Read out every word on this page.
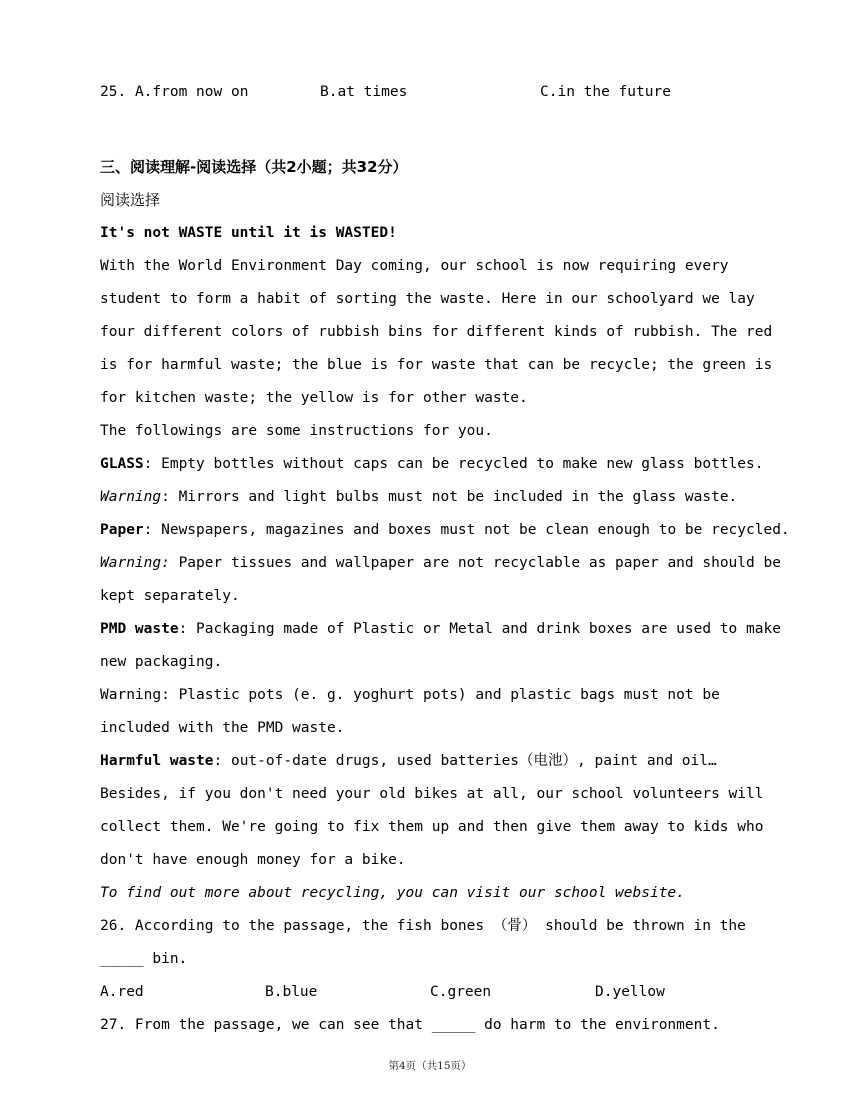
25. A.from now on	B.at times	C.in the future
三、阅读理解-阅读选择（共2小题；共32分）
阅读选择
It's not WASTE until it is WASTED!
With the World Environment Day coming, our school is now requiring every
student to form a habit of sorting the waste. Here in our schoolyard we lay
four different colors of rubbish bins for different kinds of rubbish. The red
is for harmful waste; the blue is for waste that can be recycle; the green is
for kitchen waste; the yellow is for other waste.
The followings are some instructions for you.
GLASS: Empty bottles without caps can be recycled to make new glass bottles.
Warning: Mirrors and light bulbs must not be included in the glass waste.
Paper: Newspapers, magazines and boxes must not be clean enough to be recycled.
Warning: Paper tissues and wallpaper are not recyclable as paper and should be
kept separately.
PMD waste: Packaging made of Plastic or Metal and drink boxes are used to make
new packaging.
Warning: Plastic pots (e. g. yoghurt pots) and plastic bags must not be
included with the PMD waste.
Harmful waste: out-of-date drugs, used batteries（电池）, paint and oil…
Besides, if you don't need your old bikes at all, our school volunteers will
collect them. We're going to fix them up and then give them away to kids who
don't have enough money for a bike.
To find out more about recycling, you can visit our school website.
26. According to the passage, the fish bones （骨） should be thrown in the
_____ bin.
A.red	B.blue	C.green	D.yellow
27. From the passage, we can see that _____ do harm to the environment.
第4页（共15页）
